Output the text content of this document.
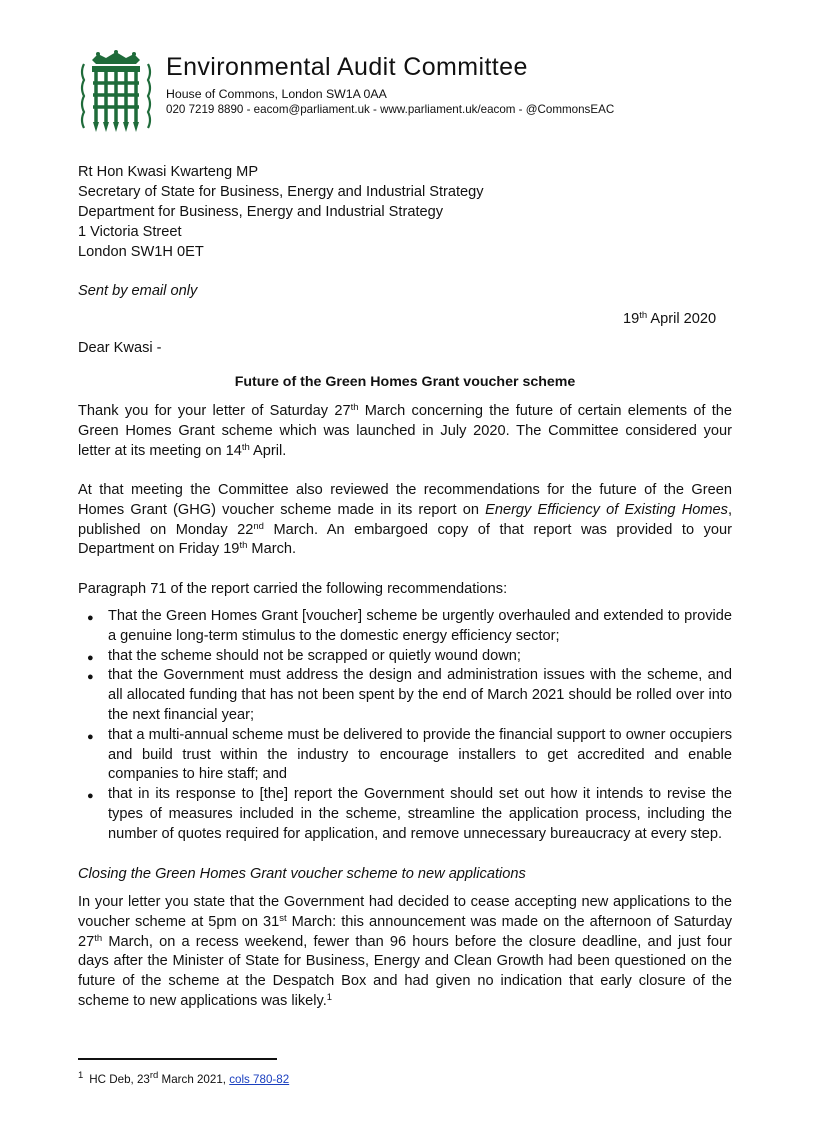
Environmental Audit Committee
House of Commons, London SW1A 0AA
020 7219 8890 - eacom@parliament.uk - www.parliament.uk/eacom - @CommonsEAC
Rt Hon Kwasi Kwarteng MP
Secretary of State for Business, Energy and Industrial Strategy
Department for Business, Energy and Industrial Strategy
1 Victoria Street
London SW1H 0ET
Sent by email only
19th April 2020
Dear Kwasi -
Future of the Green Homes Grant voucher scheme

Thank you for your letter of Saturday 27th March concerning the future of certain elements of the Green Homes Grant scheme which was launched in July 2020. The Committee considered your letter at its meeting on 14th April.

At that meeting the Committee also reviewed the recommendations for the future of the Green Homes Grant (GHG) voucher scheme made in its report on Energy Efficiency of Existing Homes, published on Monday 22nd March. An embargoed copy of that report was provided to your Department on Friday 19th March.

Paragraph 71 of the report carried the following recommendations:

● That the Green Homes Grant [voucher] scheme be urgently overhauled and extended to provide a genuine long-term stimulus to the domestic energy efficiency sector;
● that the scheme should not be scrapped or quietly wound down;
● that the Government must address the design and administration issues with the scheme, and all allocated funding that has not been spent by the end of March 2021 should be rolled over into the next financial year;
● that a multi-annual scheme must be delivered to provide the financial support to owner occupiers and build trust within the industry to encourage installers to get accredited and enable companies to hire staff; and
● that in its response to [the] report the Government should set out how it intends to revise the types of measures included in the scheme, streamline the application process, including the number of quotes required for application, and remove unnecessary bureaucracy at every step.
Closing the Green Homes Grant voucher scheme to new applications

In your letter you state that the Government had decided to cease accepting new applications to the voucher scheme at 5pm on 31st March: this announcement was made on the afternoon of Saturday 27th March, on a recess weekend, fewer than 96 hours before the closure deadline, and just four days after the Minister of State for Business, Energy and Clean Growth had been questioned on the future of the scheme at the Despatch Box and had given no indication that early closure of the scheme to new applications was likely.$^1$

$^1$ HC Deb, 23rd March 2021, cols 780-82
